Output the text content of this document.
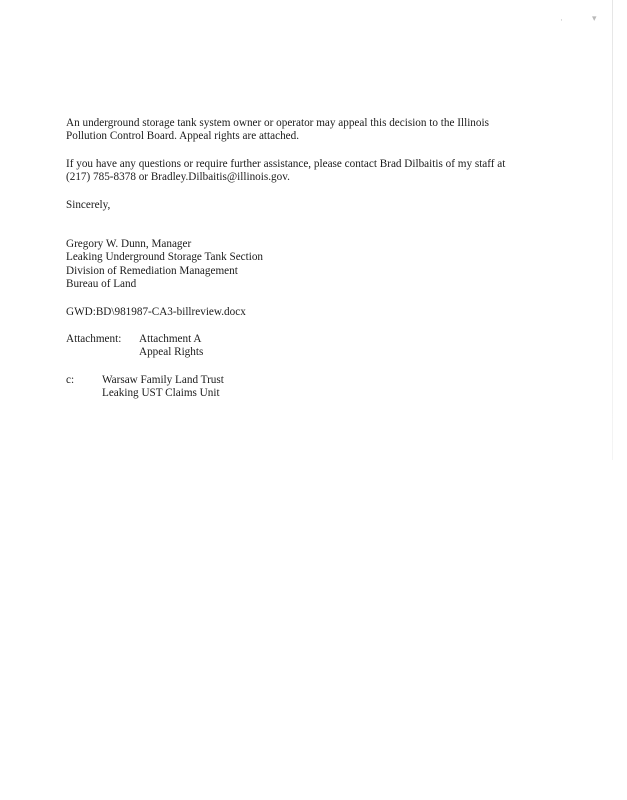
·	▾

An underground storage tank system owner or operator may appeal this decision to the Illinois
Pollution Control Board. Appeal rights are attached.

If you have any questions or require further assistance, please contact Brad Dilbaitis of my staff at
(217) 785-8378 or Bradley.Dilbaitis@illinois.gov.

Sincerely,

Gregory W. Dunn, Manager
Leaking Underground Storage Tank Section
Division of Remediation Management
Bureau of Land

GWD:BD\981987-CA3-billreview.docx

Attachment:	Attachment A
Appeal Rights
c:	Warsaw Family Land Trust
Leaking UST Claims Unit
